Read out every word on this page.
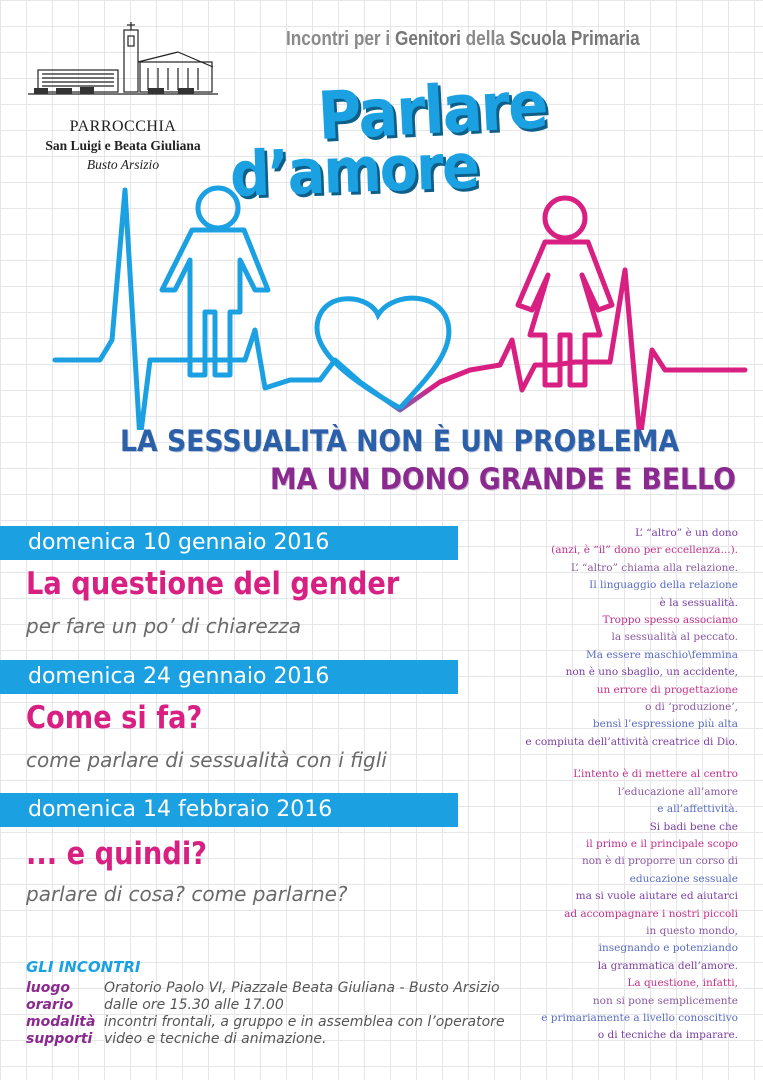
PARROCCHIA
San Luigi e Beata Giuliana
Busto Arsizio
Incontri per i Genitori della Scuola Primaria
Parlare
d’amore
LA SESSUALITÀ NON È UN PROBLEMA
MA UN DONO GRANDE E BELLO
domenica 10 gennaio 2016
La questione del gender
per fare un po’ di chiarezza
domenica 24 gennaio 2016
Come si fa?
come parlare di sessualità con i figli
domenica 14 febbraio 2016
... e quindi?
parlare di cosa? come parlarne?
GLI INCONTRI
luogo Oratorio Paolo VI, Piazzale Beata Giuliana - Busto Arsizio
orario dalle ore 15.30 alle 17.00
modalità incontri frontali, a gruppo e in assemblea con l’operatore
supporti video e tecniche di animazione.
L’ “altro” è un dono
(anzi, è “il” dono per eccellenza...).
L’ “altro” chiama alla relazione.
Il linguaggio della relazione
è la sessualità.
Troppo spesso associamo
la sessualità al peccato.
Ma essere maschio\femmina
non è uno sbaglio, un accidente,
un errore di progettazione
o di ‘produzione’,
bensì l’espressione più alta
e compiuta dell’attività creatrice di Dio.
L’intento è di mettere al centro
l’educazione all’amore
e all’affettività.
Si badi bene che
il primo e il principale scopo
non è di proporre un corso di
educazione sessuale
ma si vuole aiutare ed aiutarci
ad accompagnare i nostri piccoli
in questo mondo,
insegnando e potenziando
la grammatica dell’amore.
La questione, infatti,
non si pone semplicemente
e primariamente a livello conoscitivo
o di tecniche da imparare.
